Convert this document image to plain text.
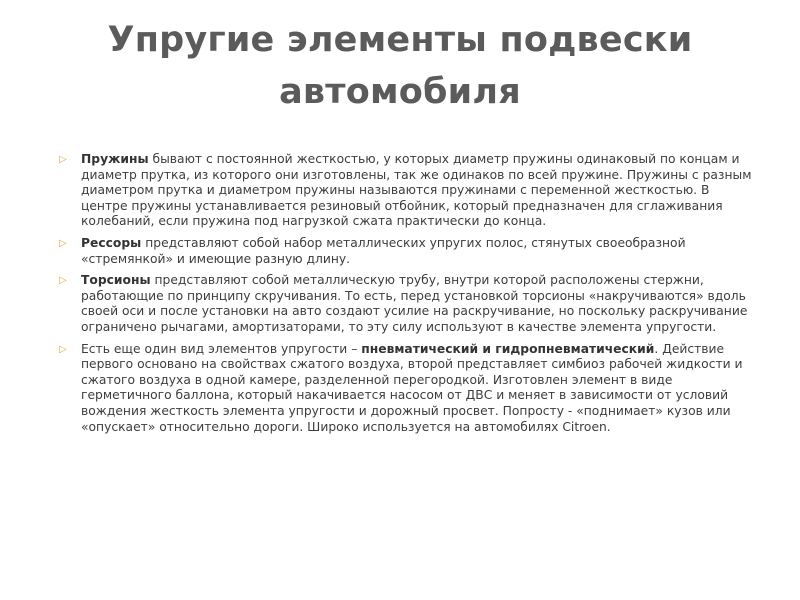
Упругие элементы подвески автомобиля
▷ Пружины бывают с постоянной жесткостью, у которых диаметр пружины одинаковый по концам и диаметр прутка, из которого они изготовлены, так же одинаков по всей пружине. Пружины с разным диаметром прутка и диаметром пружины называются пружинами с переменной жесткостью. В центре пружины устанавливается резиновый отбойник, который предназначен для сглаживания колебаний, если пружина под нагрузкой сжата практически до конца.
▷ Рессоры представляют собой набор металлических упругих полос, стянутых своеобразной «стремянкой» и имеющие разную длину.
▷ Торсионы представляют собой металлическую трубу, внутри которой расположены стержни, работающие по принципу скручивания. То есть, перед установкой торсионы «накручиваются» вдоль своей оси и после установки на авто создают усилие на раскручивание, но поскольку раскручивание ограничено рычагами, амортизаторами, то эту силу используют в качестве элемента упругости.
▷ Есть еще один вид элементов упругости – пневматический и гидропневматический. Действие первого основано на свойствах сжатого воздуха, второй представляет симбиоз рабочей жидкости и сжатого воздуха в одной камере, разделенной перегородкой. Изготовлен элемент в виде герметичного баллона, который накачивается насосом от ДВС и меняет в зависимости от условий вождения жесткость элемента упругости и дорожный просвет. Попросту - «поднимает» кузов или «опускает» относительно дороги. Широко используется на автомобилях Citroen.
